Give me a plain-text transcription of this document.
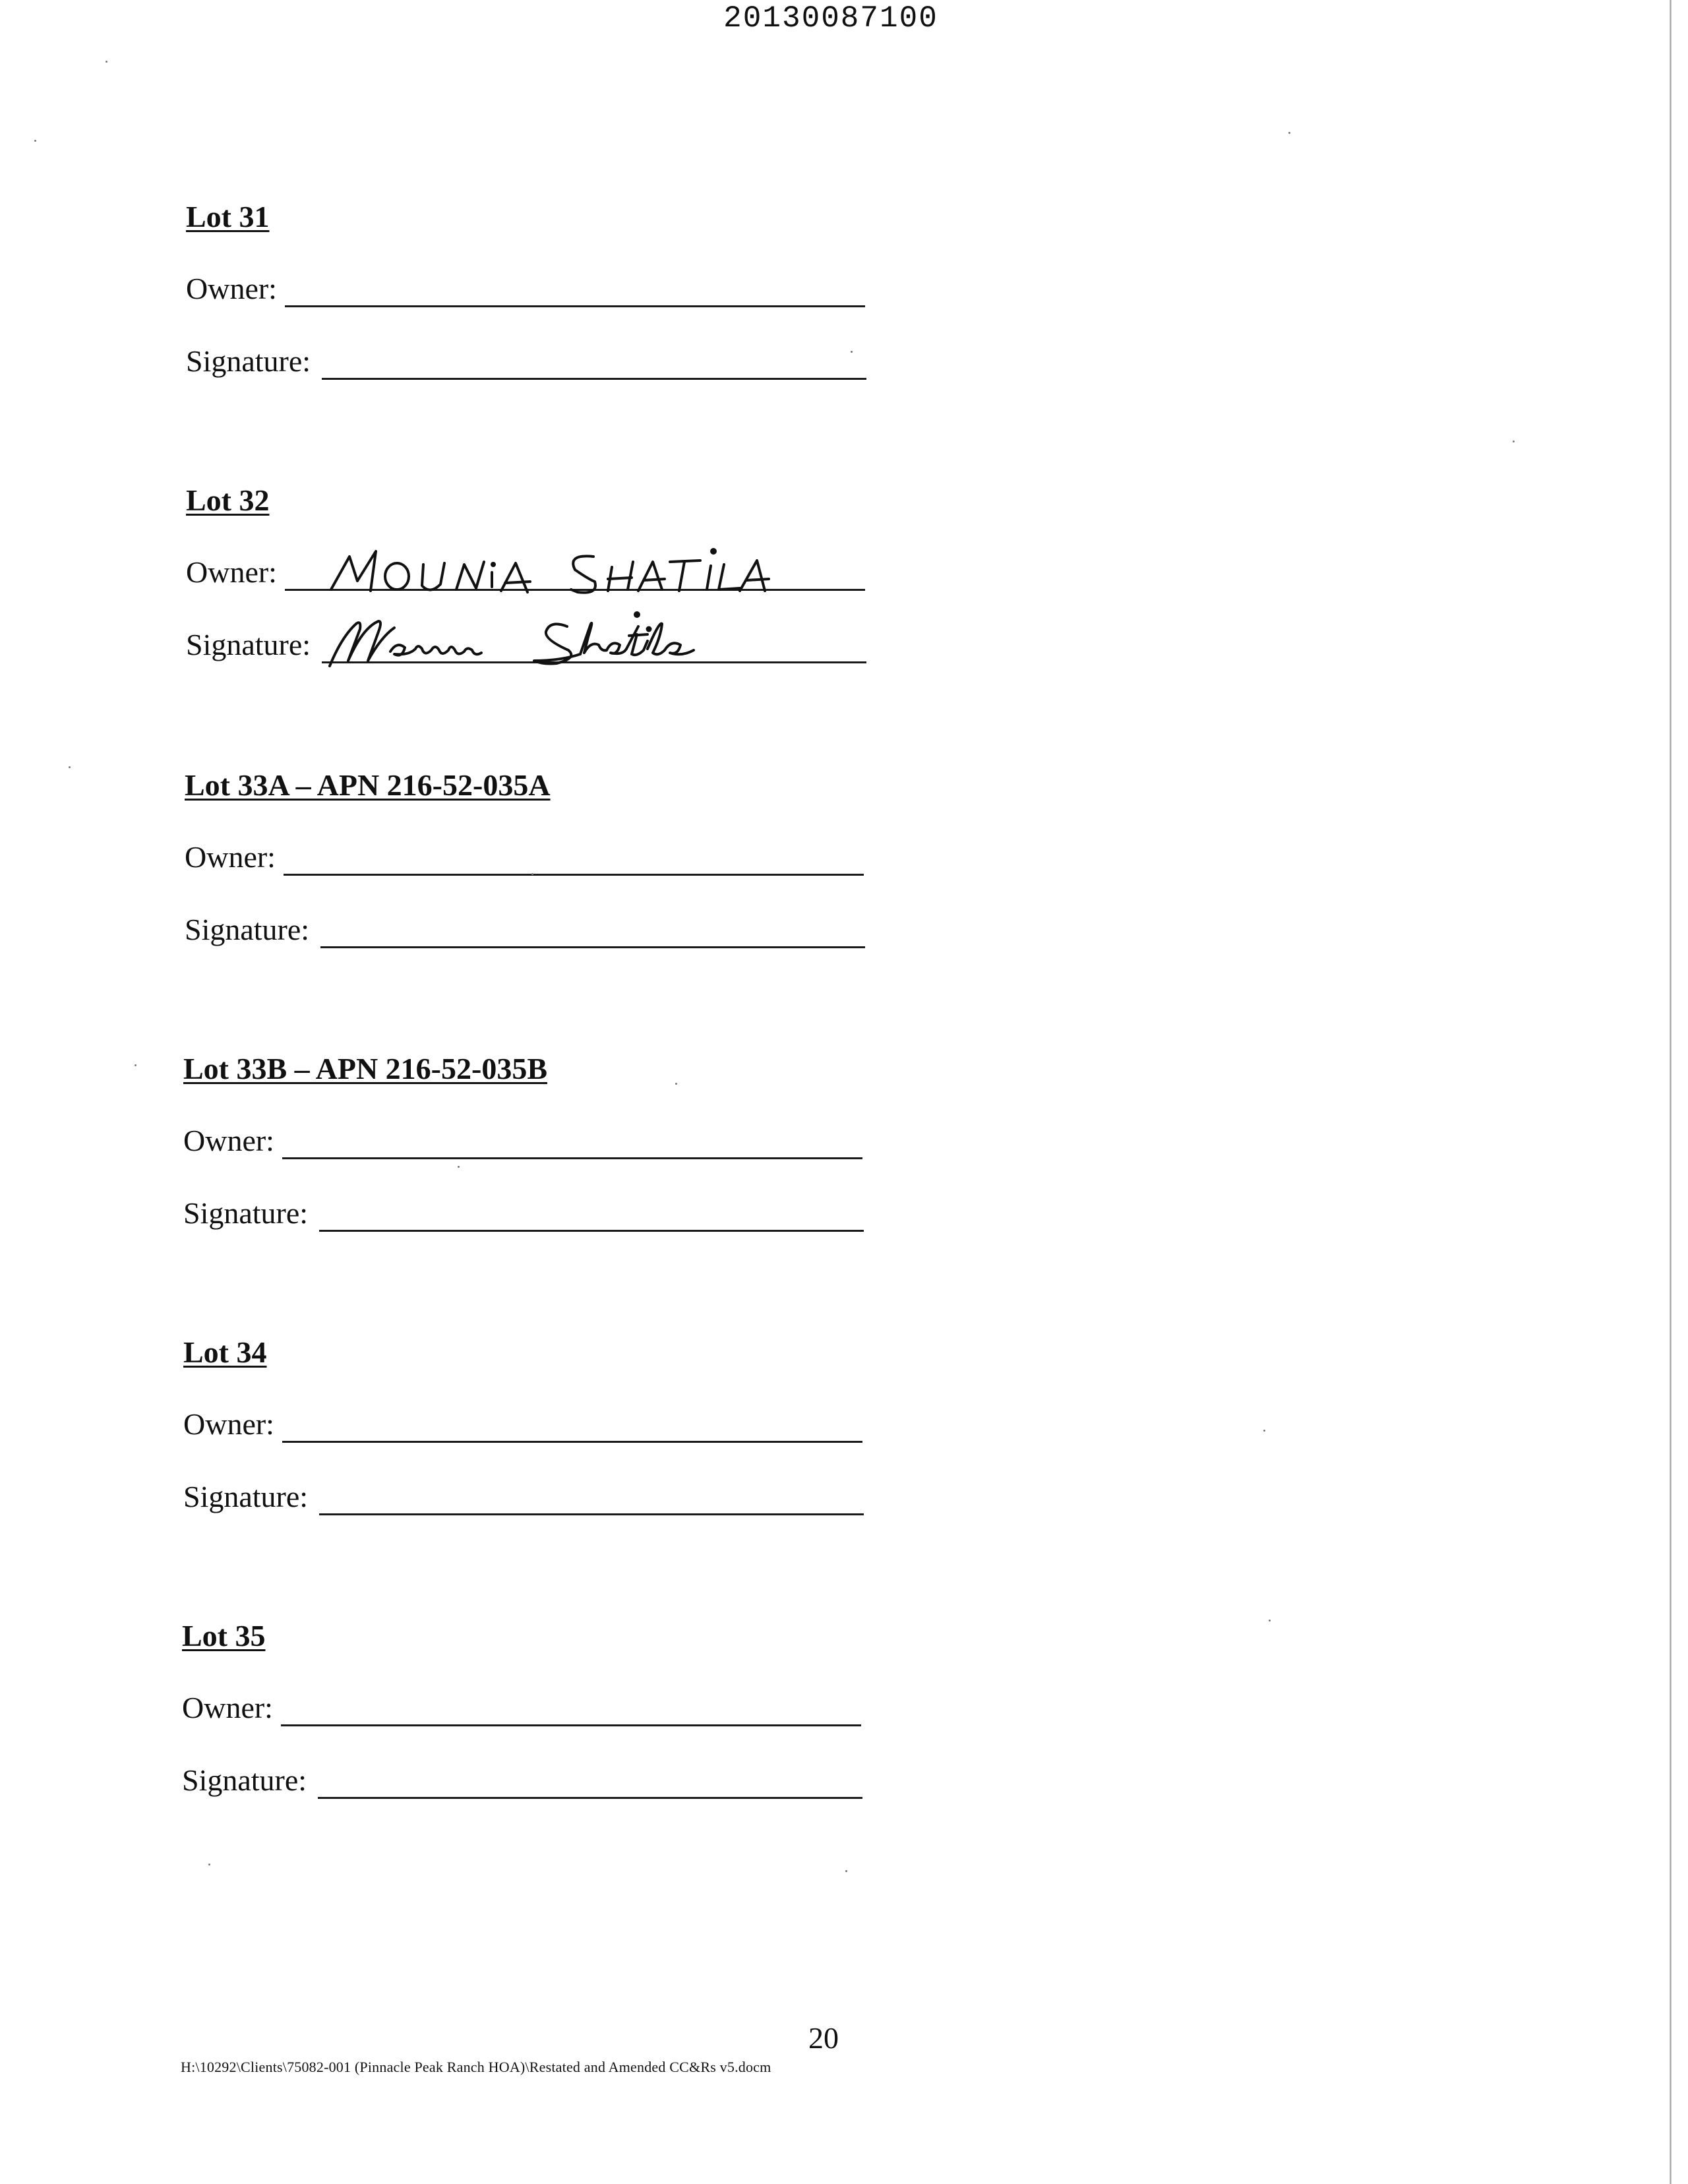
20130087100
Lot 31
Owner:
Signature:
Lot 32
Owner:
Signature:
Lot 33A – APN 216-52-035A
Owner:
Signature:
Lot 33B – APN 216-52-035B
Owner:
Signature:
Lot 34
Owner:
Signature:
Lot 35
Owner:
Signature:
20
H:\10292\Clients\75082-001 (Pinnacle Peak Ranch HOA)\Restated and Amended CC&Rs v5.docm
